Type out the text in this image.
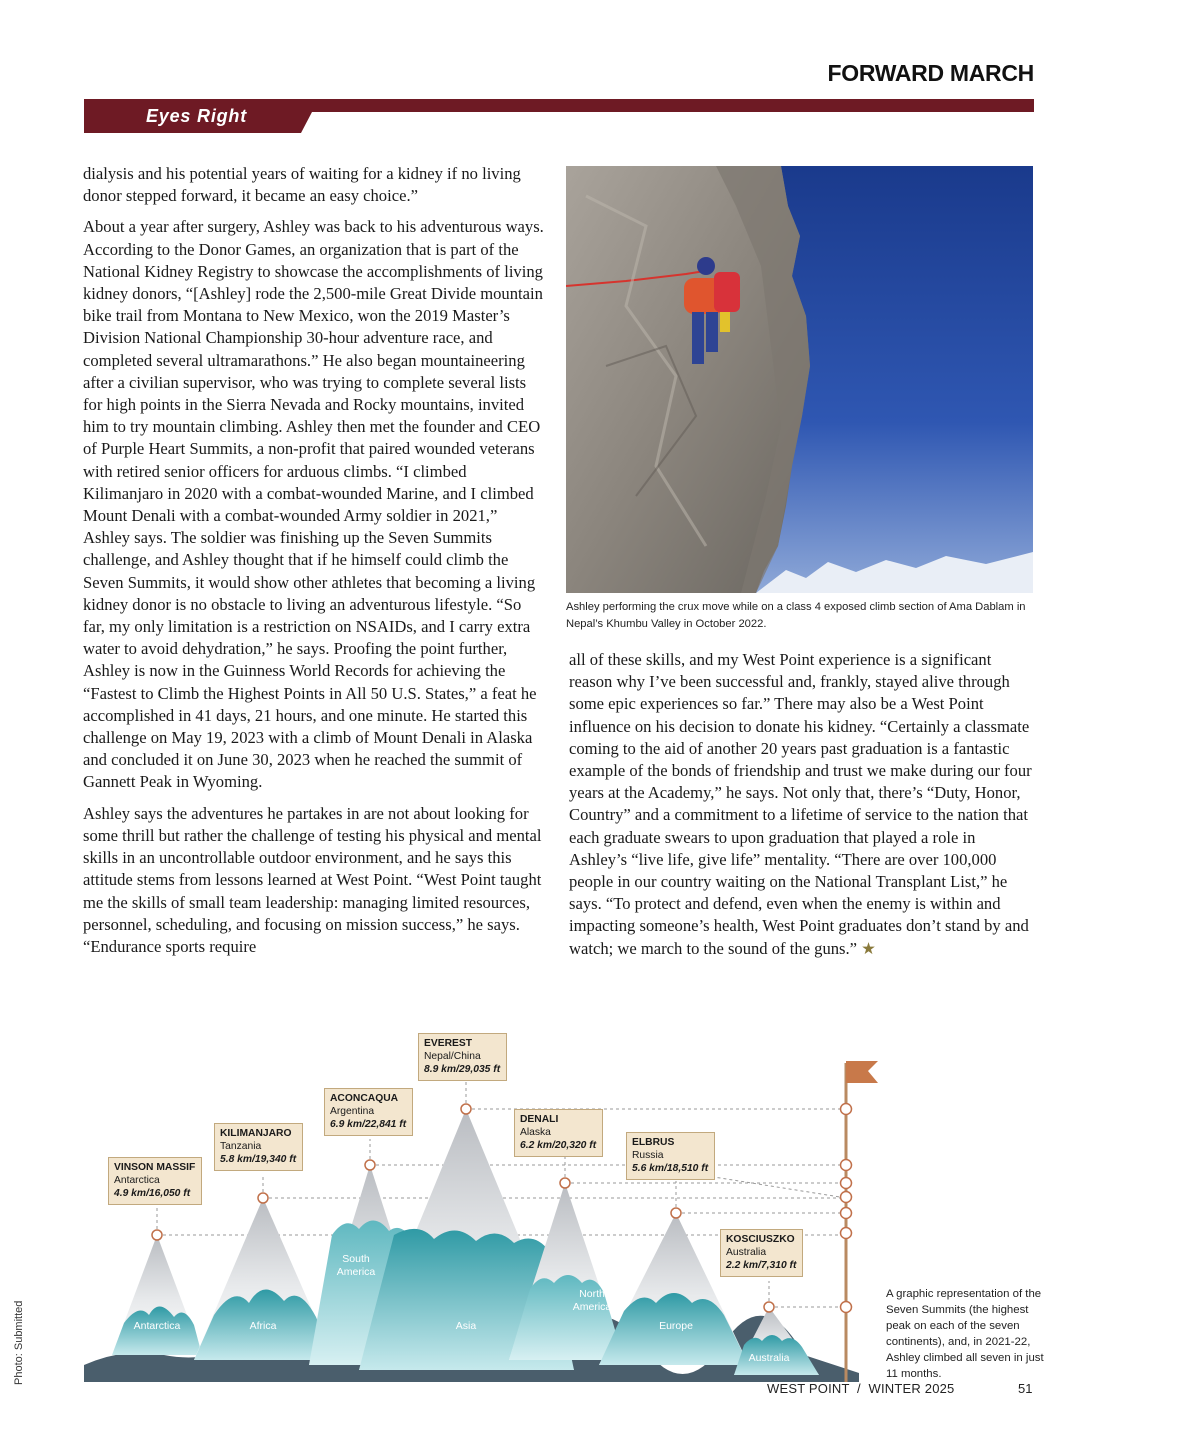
FORWARD MARCH
Eyes Right

dialysis and his potential years of waiting for a kidney if no living donor stepped forward, it became an easy choice.”

About a year after surgery, Ashley was back to his adventurous ways. According to the Donor Games, an organization that is part of the National Kidney Registry to showcase the accomplishments of living kidney donors, “[Ashley] rode the 2,500-mile Great Divide mountain bike trail from Montana to New Mexico, won the 2019 Master’s Division National Championship 30-hour adventure race, and completed several ultramarathons.” He also began mountaineering after a civilian supervisor, who was trying to complete several lists for high points in the Sierra Nevada and Rocky mountains, invited him to try mountain climbing. Ashley then met the founder and CEO of Purple Heart Summits, a non-profit that paired wounded veterans with retired senior officers for arduous climbs. “I climbed Kilimanjaro in 2020 with a combat-wounded Marine, and I climbed Mount Denali with a combat-wounded Army soldier in 2021,” Ashley says. The soldier was finishing up the Seven Summits challenge, and Ashley thought that if he himself could climb the Seven Summits, it would show other athletes that becoming a living kidney donor is no obstacle to living an adventurous lifestyle. “So far, my only limitation is a restriction on NSAIDs, and I carry extra water to avoid dehydration,” he says. Proofing the point further, Ashley is now in the Guinness World Records for achieving the “Fastest to Climb the Highest Points in All 50 U.S. States,” a feat he accomplished in 41 days, 21 hours, and one minute. He started this challenge on May 19, 2023 with a climb of Mount Denali in Alaska and concluded it on June 30, 2023 when he reached the summit of Gannett Peak in Wyoming.

Ashley says the adventures he partakes in are not about looking for some thrill but rather the challenge of testing his physical and mental skills in an uncontrollable outdoor environment, and he says this attitude stems from lessons learned at West Point. “West Point taught me the skills of small team leadership: managing limited resources, personnel, scheduling, and focusing on mission success,” he says. “Endurance sports require

Ashley performing the crux move while on a class 4 exposed climb section of Ama Dablam in Nepal’s Khumbu Valley in October 2022.

all of these skills, and my West Point experience is a significant reason why I’ve been successful and, frankly, stayed alive through some epic experiences so far.” There may also be a West Point influence on his decision to donate his kidney. “Certainly a classmate coming to the aid of another 20 years past graduation is a fantastic example of the bonds of friendship and trust we make during our four years at the Academy,” he says. Not only that, there’s “Duty, Honor, Country” and a commitment to a lifetime of service to the nation that each graduate swears to upon graduation that played a role in Ashley’s “live life, give life” mentality. “There are over 100,000 people in our country waiting on the National Transplant List,” he says. “To protect and defend, even when the enemy is within and impacting someone’s health, West Point graduates don’t stand by and watch; we march to the sound of the guns.” ★

Photo: Submitted	Antarctica	Africa
South
America
Asia
North
America
Europe
Australia
VINSON MASSIF
Antarctica
4.9 km/16,050 ft
KILIMANJARO
Tanzania
5.8 km/19,340 ft
ACONCAQUA
Argentina
6.9 km/22,841 ft
EVEREST
Nepal/China
8.9 km/29,035 ft
DENALI
Alaska
6.2 km/20,320 ft	ELBRUS
Russia
5.6 km/18,510 ft
KOSCIUSZKO
Australia
2.2 km/7,310 ft
A graphic representation of the Seven Summits (the highest peak on each of the seven continents), and, in 2021-22, Ashley climbed all seven in just 11 months.
WEST POINT  /  WINTER 2025	51
